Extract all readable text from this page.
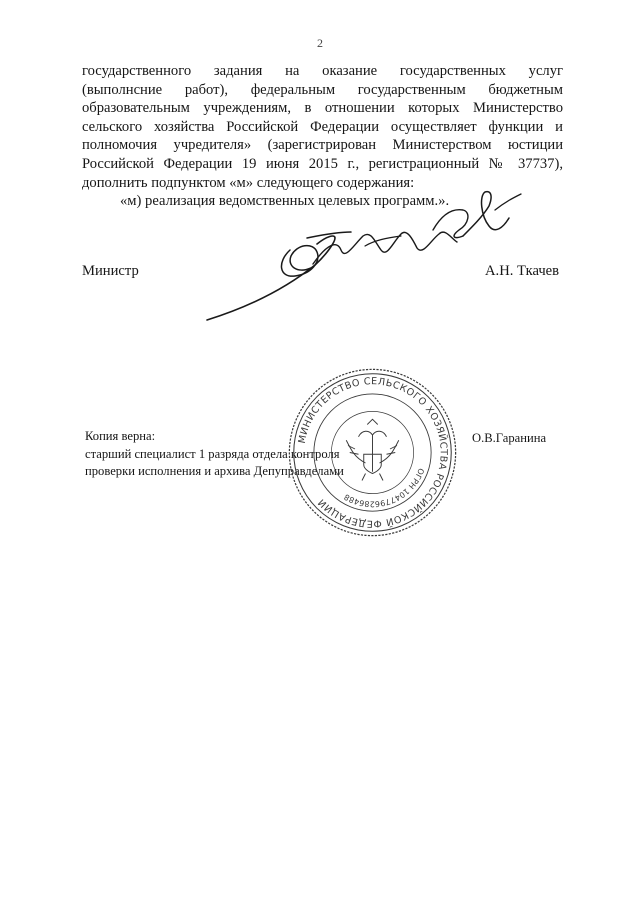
2
государственного задания на оказание государственных услуг
(выполнсние работ), федеральным государственным бюджетным
образовательным учреждениям, в отношении которых Министерство
сельского хозяйства Российской Федерации осуществляет функции и
полномочия учредителя» (зарегистрирован Министерством юстиции
Российской Федерации 19 июня 2015 г., регистрационный № 37737),
дополнить подпунктом «м» следующего содержания:
«м) реализация ведомственных целевых программ.».
Министр	А.Н. Ткачев
Копия верна:
старший специалист 1 разряда отдела контроля
проверки исполнения и архива Депуправделами
О.В.Гаранина
МИНИСТЕРСТВО СЕЛЬСКОГО ХОЗЯЙСТВА РОССИЙСКОЙ ФЕДЕРАЦИИ
ОГРН 1047796286488
